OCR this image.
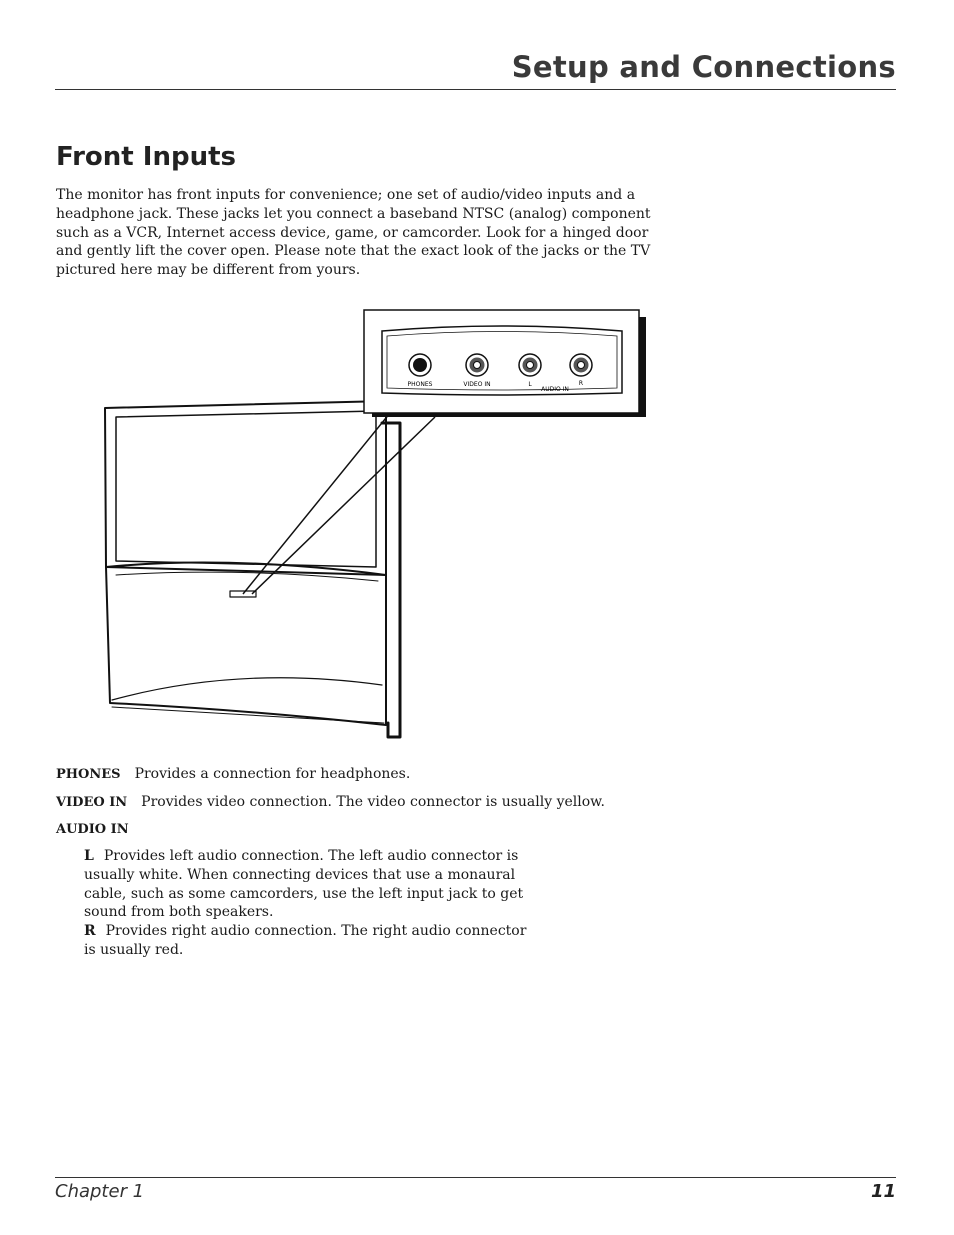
Setup and Connections
Front Inputs
The monitor has front inputs for convenience; one set of audio/video inputs and a headphone jack. These jacks let you connect a baseband NTSC (analog) component such as a VCR, Internet access device, game, or camcorder. Look for a hinged door and gently lift the cover open. Please note that the exact look of the jacks or the TV pictured here may be different from yours.
PHONES	VIDEO IN	L	R
AUDIO IN
PHONES Provides a connection for headphones.
VIDEO IN Provides video connection. The video connector is usually yellow.
AUDIO IN
L Provides left audio connection. The left audio connector is usually white. When connecting devices that use a monaural cable, such as some camcorders, use the left input jack to get sound from both speakers.
R Provides right audio connection. The right audio connector is usually red.
Chapter 1	11
